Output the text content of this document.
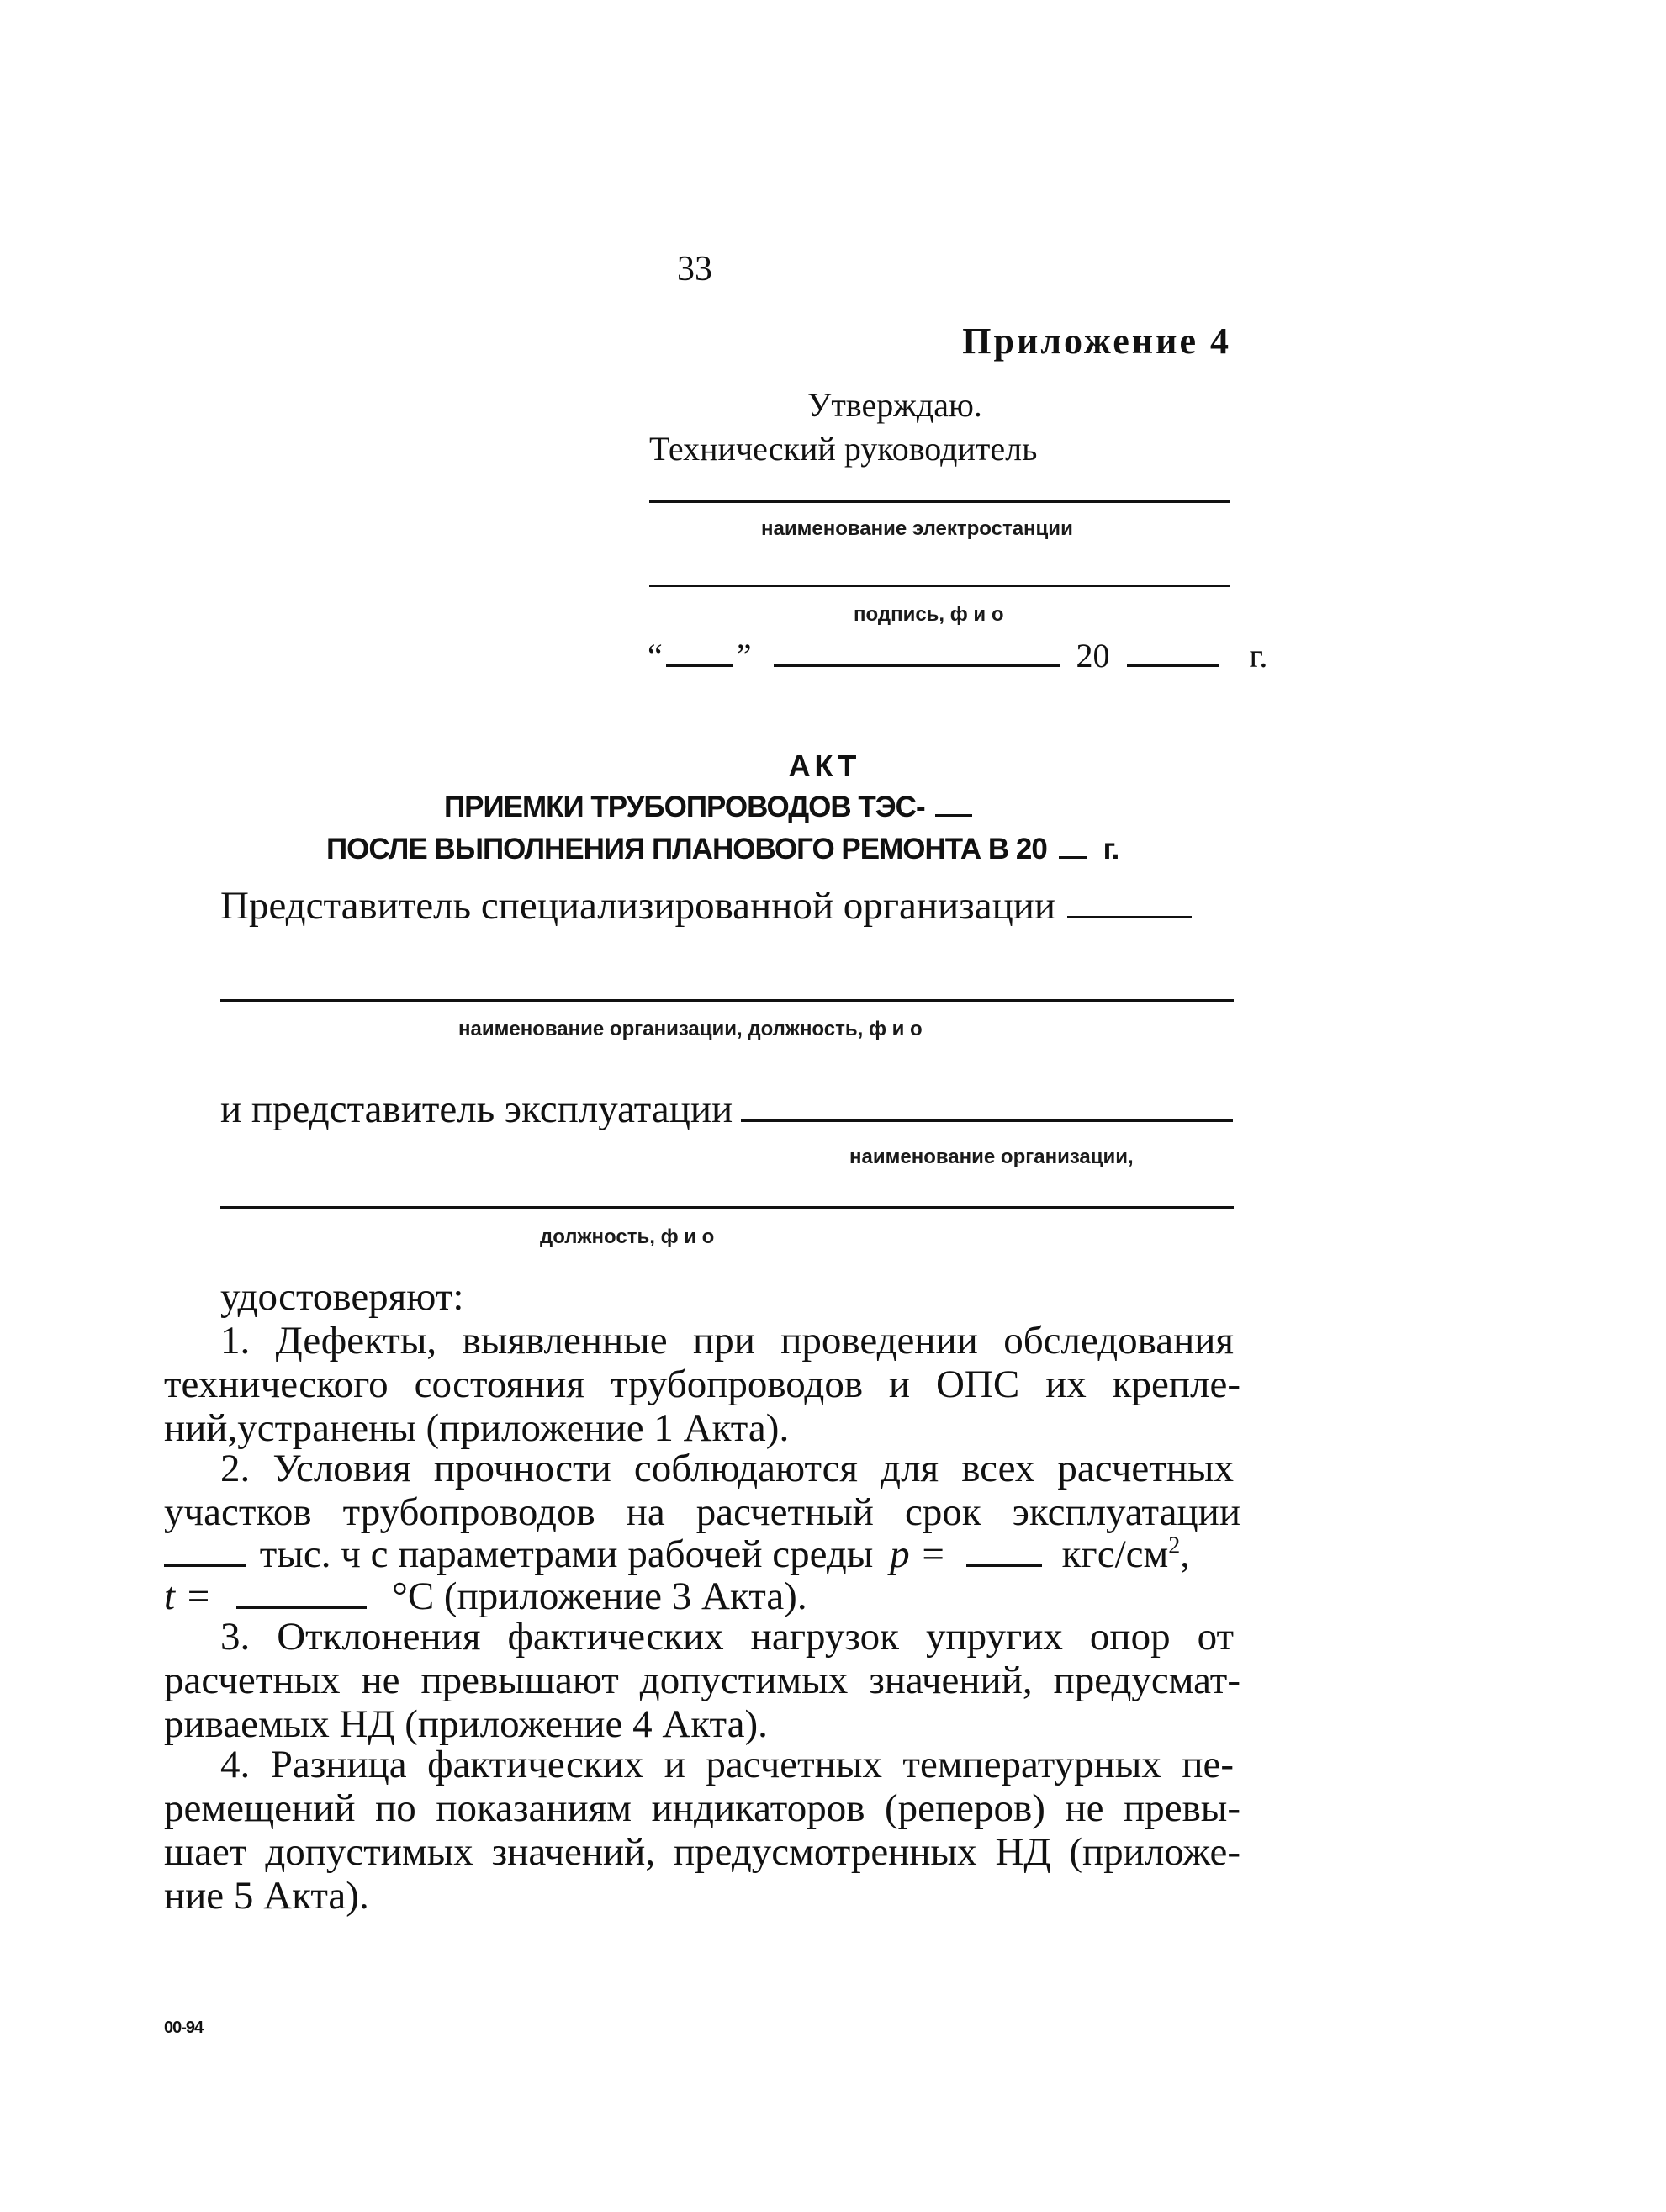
33
Приложение 4
Утверждаю.
Технический руководитель
наименование электростанции
подпись, ф и о
“ ”	20	г.
АКТ
ПРИЕМКИ ТРУБОПРОВОДОВ ТЭС-
ПОСЛЕ ВЫПОЛНЕНИЯ ПЛАНОВОГО РЕМОНТА В 20 г.
Представитель специализированной организации
наименование организации, должность, ф и о
и представитель эксплуатации
наименование организации,
должность, ф и о
удостоверяют:
1. Дефекты, выявленные при проведении обследования
технического состояния трубопроводов и ОПС их крепле-
ний,устранены (приложение 1 Акта).
2. Условия прочности соблюдаются для всех расчетных
участков трубопроводов на расчетный срок эксплуатации
тыс. ч с параметрами рабочей среды p =	кгс/$см^2$,
t =	°С (приложение 3 Акта).
3. Отклонения фактических нагрузок упругих опор от
расчетных не превышают допустимых значений, предусмат-
риваемых НД (приложение 4 Акта).
4. Разница фактических и расчетных температурных пе-
ремещений по показаниям индикаторов (реперов) не превы-
шает допустимых значений, предусмотренных НД (приложе-
ние 5 Акта).
00-94
